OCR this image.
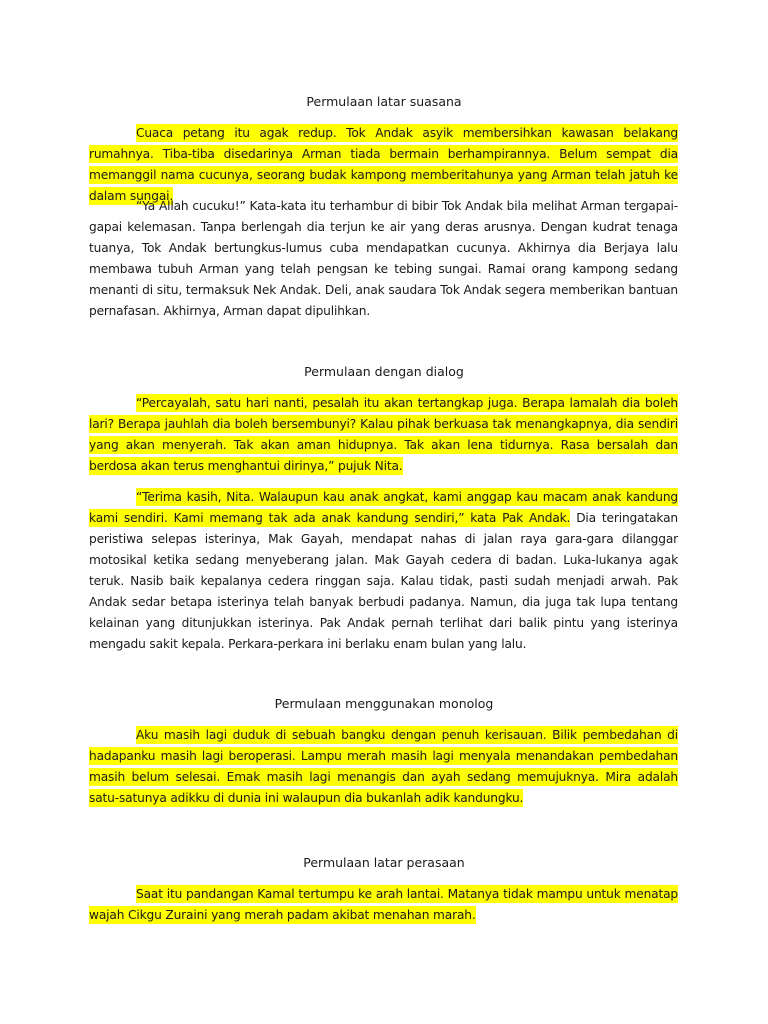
Permulaan latar suasana

Cuaca petang itu agak redup. Tok Andak asyik membersihkan kawasan belakang rumahnya. Tiba-tiba disedarinya Arman tiada bermain berhampirannya. Belum sempat dia memanggil nama cucunya, seorang budak kampong memberitahunya yang Arman telah jatuh ke dalam sungai.

“Ya Allah cucuku!” Kata-kata itu terhambur di bibir Tok Andak bila melihat Arman tergapai-gapai kelemasan. Tanpa berlengah dia terjun ke air yang deras arusnya. Dengan kudrat tenaga tuanya, Tok Andak bertungkus-lumus cuba mendapatkan cucunya. Akhirnya dia Berjaya lalu membawa tubuh Arman yang telah pengsan ke tebing sungai. Ramai orang kampong sedang menanti di situ, termaksuk Nek Andak. Deli, anak saudara Tok Andak segera memberikan bantuan pernafasan. Akhirnya, Arman dapat dipulihkan.

Permulaan dengan dialog

“Percayalah, satu hari nanti, pesalah itu akan tertangkap juga. Berapa lamalah dia boleh lari? Berapa jauhlah dia boleh bersembunyi? Kalau pihak berkuasa tak menangkapnya, dia sendiri yang akan menyerah. Tak akan aman hidupnya. Tak akan lena tidurnya. Rasa bersalah dan berdosa akan terus menghantui dirinya,” pujuk Nita.

“Terima kasih, Nita. Walaupun kau anak angkat, kami anggap kau macam anak kandung kami sendiri. Kami memang tak ada anak kandung sendiri,” kata Pak Andak. Dia teringatakan peristiwa selepas isterinya, Mak Gayah, mendapat nahas di jalan raya gara-gara dilanggar motosikal ketika sedang menyeberang jalan. Mak Gayah cedera di badan. Luka-lukanya agak teruk. Nasib baik kepalanya cedera ringgan saja. Kalau tidak, pasti sudah menjadi arwah. Pak Andak sedar betapa isterinya telah banyak berbudi padanya. Namun, dia juga tak lupa tentang kelainan yang ditunjukkan isterinya. Pak Andak pernah terlihat dari balik pintu yang isterinya mengadu sakit kepala. Perkara-perkara ini berlaku enam bulan yang lalu.

Permulaan menggunakan monolog

Aku masih lagi duduk di sebuah bangku dengan penuh kerisauan. Bilik pembedahan di hadapanku masih lagi beroperasi. Lampu merah masih lagi menyala menandakan pembedahan masih belum selesai. Emak masih lagi menangis dan ayah sedang memujuknya. Mira adalah satu-satunya adikku di dunia ini walaupun dia bukanlah adik kandungku.

Permulaan latar perasaan

Saat itu pandangan Kamal tertumpu ke arah lantai. Matanya tidak mampu untuk menatap wajah Cikgu Zuraini yang merah padam akibat menahan marah.
